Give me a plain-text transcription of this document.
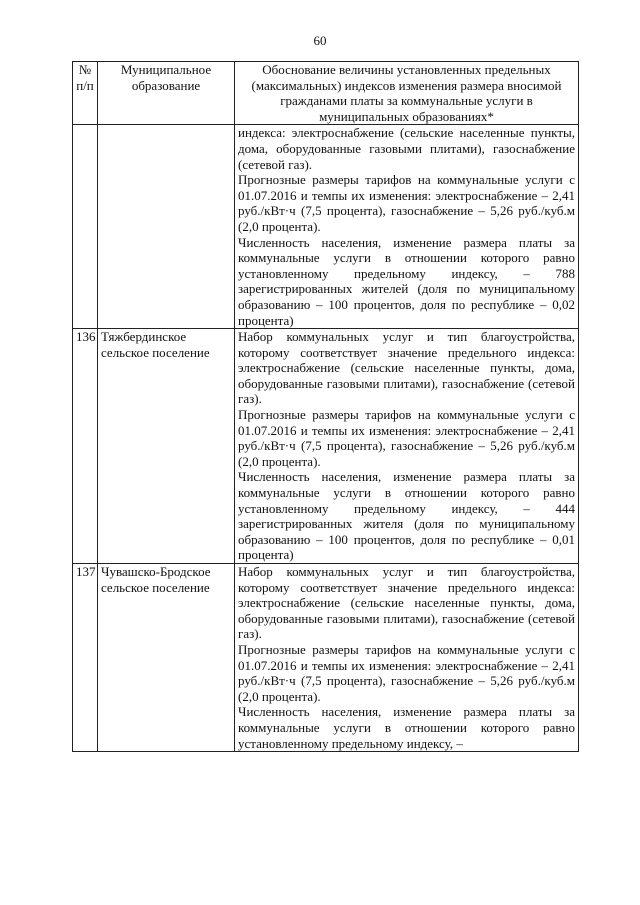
60
№ п/п	Муниципальное образование	Обоснование величины установленных предельных (максимальных) индексов изменения размера вносимой гражданами платы за коммунальные услуги в муниципальных образованиях*

		индекса: электроснабжение (сельские населенные пункты, дома, оборудованные газовыми плитами), газоснабжение (сетевой газ).

Прогнозные размеры тарифов на коммунальные услуги с 01.07.2016 и темпы их изменения: электроснабжение – 2,41 руб./кВт·ч (7,5 процента), газоснабжение – 5,26 руб./куб.м (2,0 процента).

Численность населения, изменение размера платы за коммунальные услуги в отношении которого равно установленному предельному индексу, – 788 зарегистрированных жителей (доля по муниципальному образованию – 100 процентов, доля по республике – 0,02 процента)

136	Тяжбердинское сельское поселение	Набор коммунальных услуг и тип благоустройства, которому соответствует значение предельного индекса: электроснабжение (сельские населенные пункты, дома, оборудованные газовыми плитами), газоснабжение (сетевой газ).

Прогнозные размеры тарифов на коммунальные услуги с 01.07.2016 и темпы их изменения: электроснабжение – 2,41 руб./кВт·ч (7,5 процента), газоснабжение – 5,26 руб./куб.м (2,0 процента).

Численность населения, изменение размера платы за коммунальные услуги в отношении которого равно установленному предельному индексу, – 444 зарегистрированных жителя (доля по муниципальному образованию – 100 процентов, доля по республике – 0,01 процента)

137	Чувашско-Бродское сельское поселение	Набор коммунальных услуг и тип благоустройства, которому соответствует значение предельного индекса: электроснабжение (сельские населенные пункты, дома, оборудованные газовыми плитами), газоснабжение (сетевой газ).

Прогнозные размеры тарифов на коммунальные услуги с 01.07.2016 и темпы их изменения: электроснабжение – 2,41 руб./кВт·ч (7,5 процента), газоснабжение – 5,26 руб./куб.м (2,0 процента).

Численность населения, изменение размера платы за коммунальные услуги в отношении которого равно установленному предельному индексу, –
